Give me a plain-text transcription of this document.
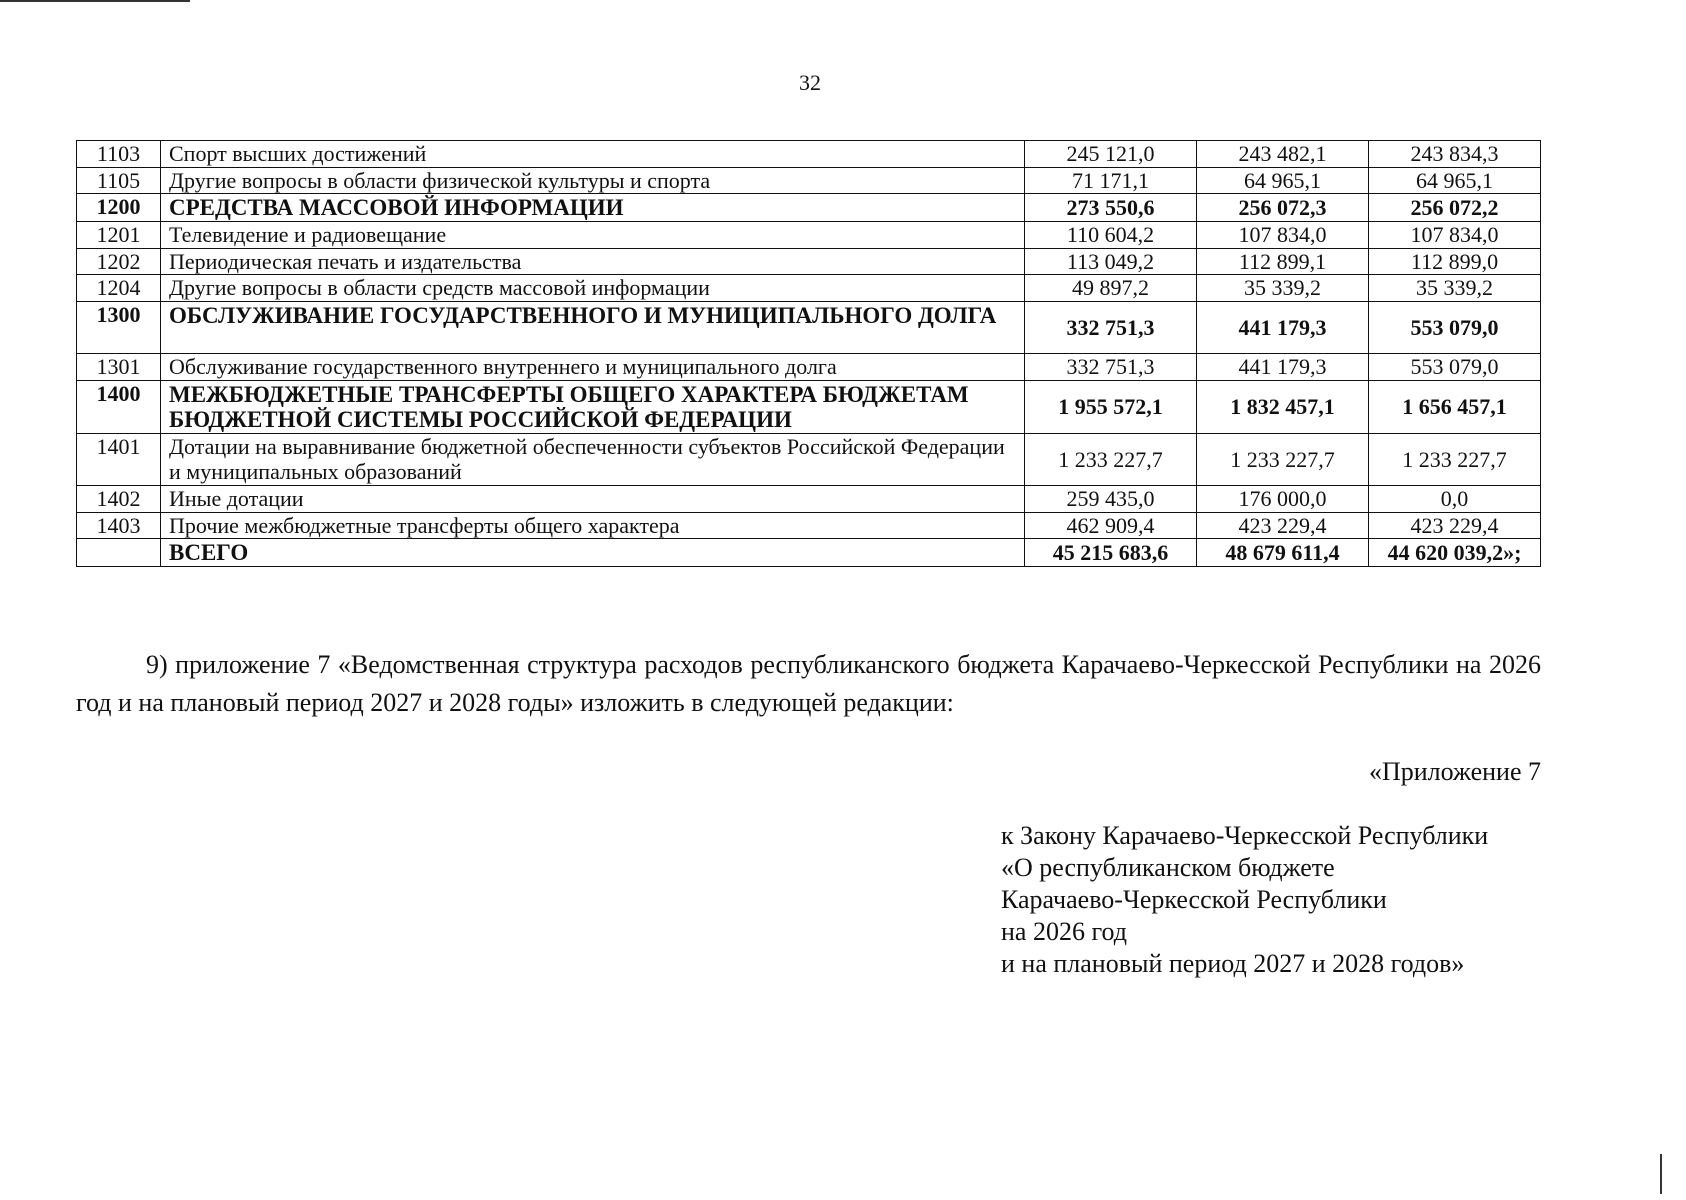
32
1103	Спорт высших достижений	245 121,0	243 482,1	243 834,3
1105	Другие вопросы в области физической культуры и спорта	71 171,1	64 965,1	64 965,1
1200	СРЕДСТВА МАССОВОЙ ИНФОРМАЦИИ	273 550,6	256 072,3	256 072,2
1201	Телевидение и радиовещание	110 604,2	107 834,0	107 834,0
1202	Периодическая печать и издательства	113 049,2	112 899,1	112 899,0
1204	Другие вопросы в области средств массовой информации	49 897,2	35 339,2	35 339,2
1300	ОБСЛУЖИВАНИЕ ГОСУДАРСТВЕННОГО И МУНИЦИПАЛЬНОГО ДОЛГА	332 751,3	441 179,3	553 079,0
1301	Обслуживание государственного внутреннего и муниципального долга	332 751,3	441 179,3	553 079,0
1400	МЕЖБЮДЖЕТНЫЕ ТРАНСФЕРТЫ ОБЩЕГО ХАРАКТЕРА БЮДЖЕТАМ БЮДЖЕТНОЙ СИСТЕМЫ РОССИЙСКОЙ ФЕДЕРАЦИИ	1 955 572,1	1 832 457,1	1 656 457,1
1401	Дотации на выравнивание бюджетной обеспеченности субъектов Российской Федерации и муниципальных образований	1 233 227,7	1 233 227,7	1 233 227,7
1402	Иные дотации	259 435,0	176 000,0	0,0
1403	Прочие межбюджетные трансферты общего характера	462 909,4	423 229,4	423 229,4
	ВСЕГО	45 215 683,6	48 679 611,4	44 620 039,2»;

9) приложение 7 «Ведомственная структура расходов республиканского бюджета Карачаево-Черкесской Республики на 2026 год и на плановый период 2027 и 2028 годы» изложить в следующей редакции:

«Приложение 7
к Закону Карачаево-Черкесской Республики
«О республиканском бюджете
Карачаево-Черкесской Республики
на 2026 год
и на плановый период 2027 и 2028 годов»
